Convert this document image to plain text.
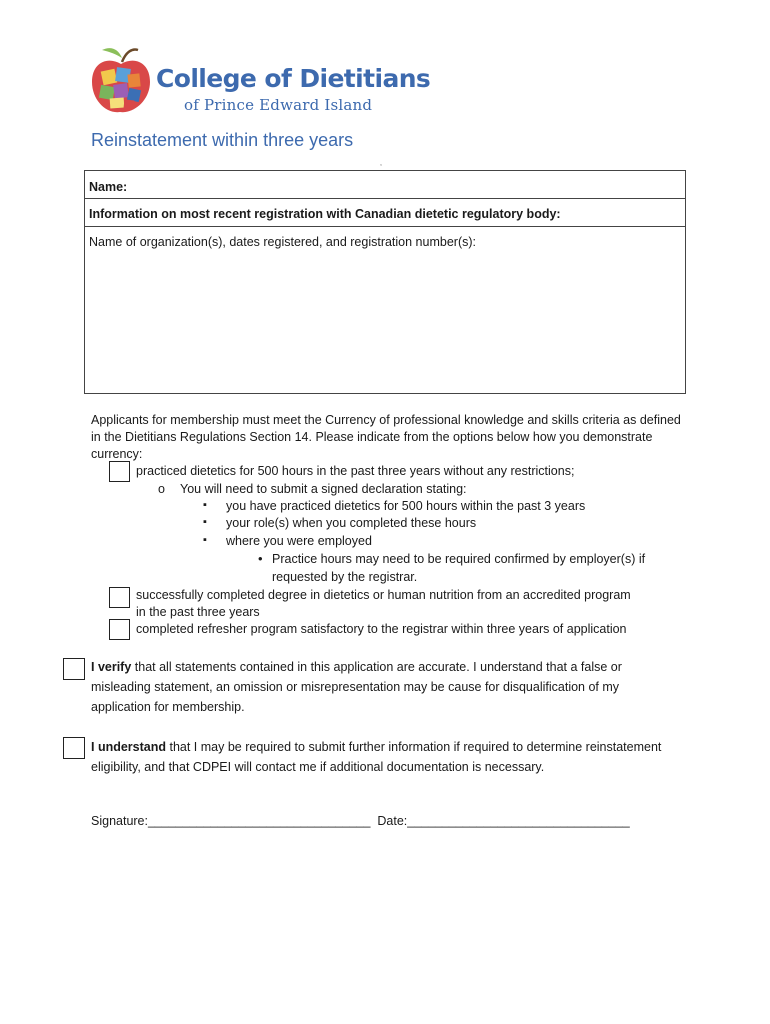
College of Dietitians
of Prince Edward Island
Reinstatement within three years
,
Name:
Information on most recent registration with Canadian dietetic regulatory body:
Name of organization(s), dates registered, and registration number(s):
Applicants for membership must meet the Currency of professional knowledge and skills criteria as defined in the Dietitians Regulations Section 14. Please indicate from the options below how you demonstrate currency:
practiced dietetics for 500 hours in the past three years without any restrictions;
o You will need to submit a signed declaration stating:
▪ you have practiced dietetics for 500 hours within the past 3 years
▪ your role(s) when you completed these hours
▪ where you were employed
• Practice hours may need to be required confirmed by employer(s) if
requested by the registrar.
successfully completed degree in dietetics or human nutrition from an accredited program
in the past three years
completed refresher program satisfactory to the registrar within three years of application
I verify that all statements contained in this application are accurate. I understand that a false or misleading statement, an omission or misrepresentation may be cause for disqualification of my application for membership.
I understand that I may be required to submit further information if required to determine reinstatement eligibility, and that CDPEI will contact me if additional documentation is necessary.
Signature:________________________________ Date:________________________________
